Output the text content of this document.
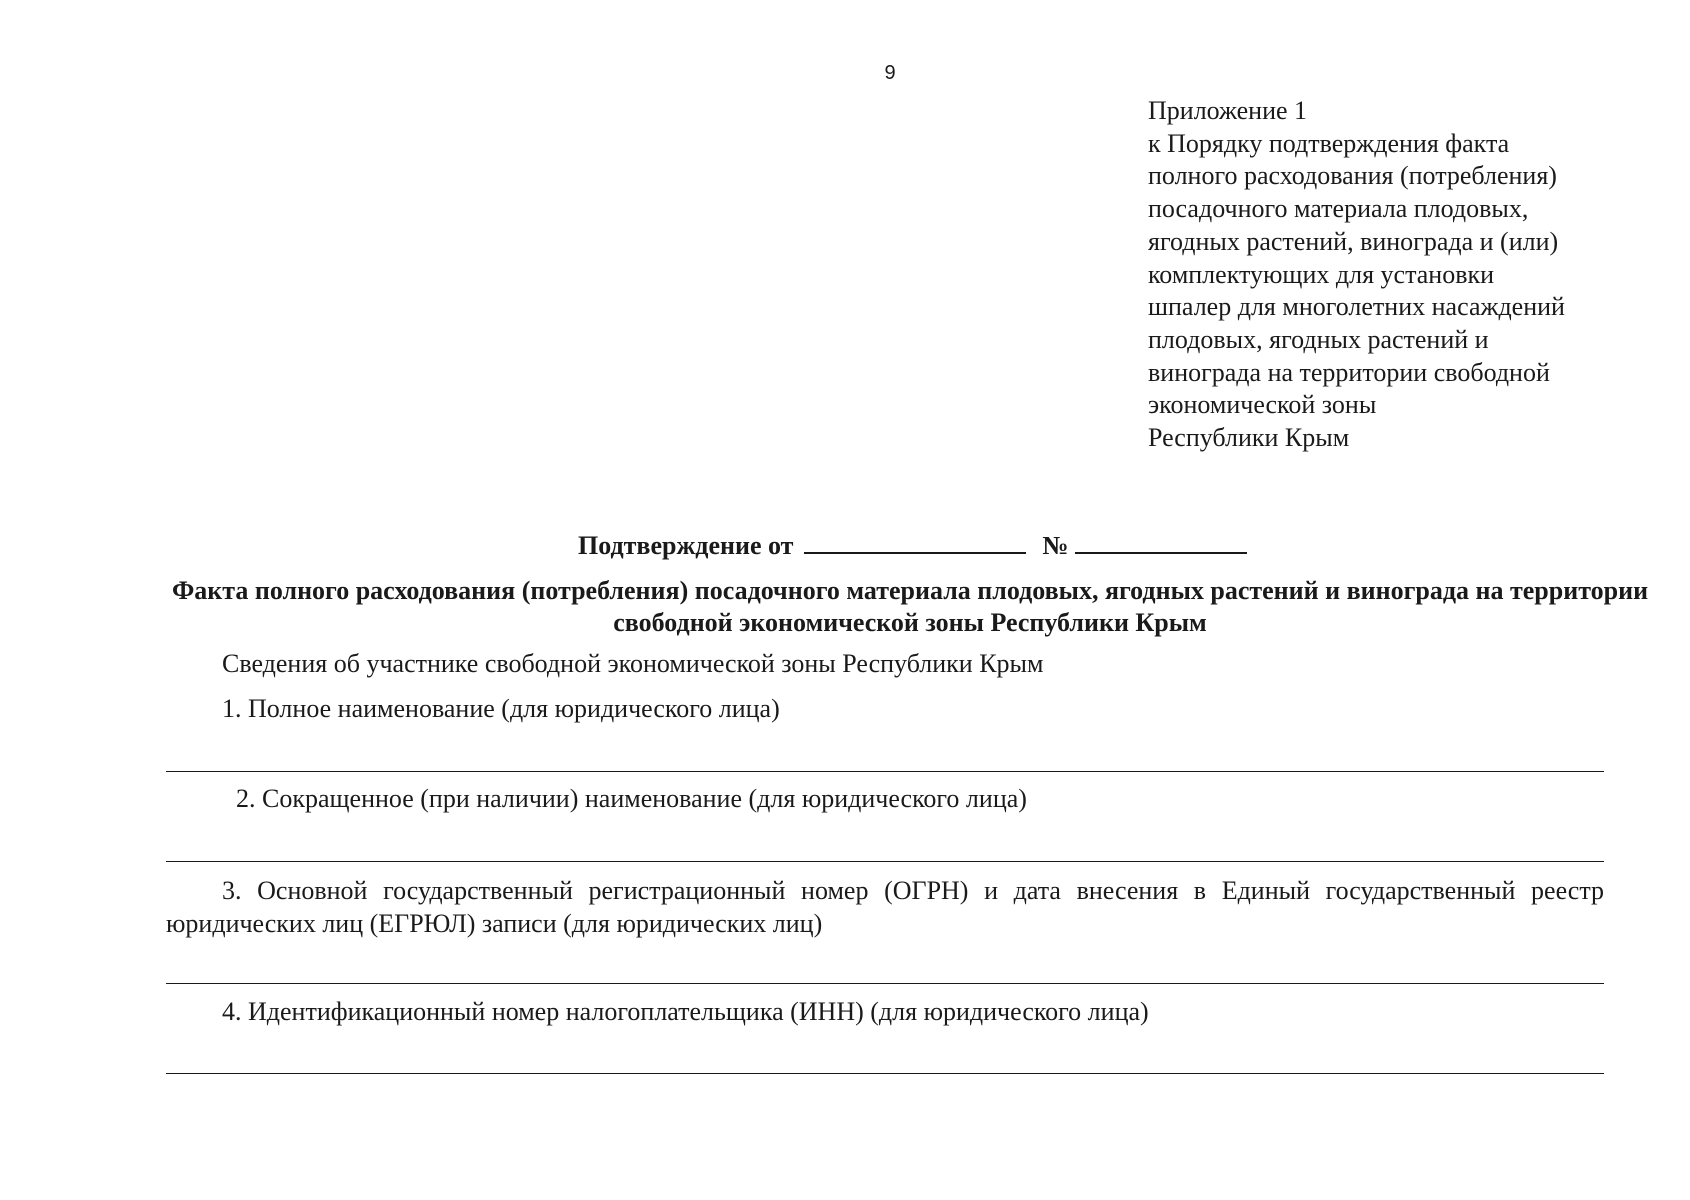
9
Приложение 1
к Порядку подтверждения факта
полного расходования (потребления)
посадочного материала плодовых,
ягодных растений, винограда и (или)
комплектующих для установки
шпалер для многолетних насаждений
плодовых, ягодных растений и
винограда на территории свободной
экономической зоны
Республики Крым
Подтверждение от	№
Факта полного расходования (потребления) посадочного материала плодовых, ягодных растений и винограда на территории свободной экономической зоны Республики Крым
Сведения об участнике свободной экономической зоны Республики Крым
1. Полное наименование (для юридического лица)
2. Сокращенное (при наличии) наименование (для юридического лица)
3. Основной государственный регистрационный номер (ОГРН) и дата внесения в Единый государственный реестр юридических лиц (ЕГРЮЛ) записи (для юридических лиц)
4. Идентификационный номер налогоплательщика (ИНН) (для юридического лица)
